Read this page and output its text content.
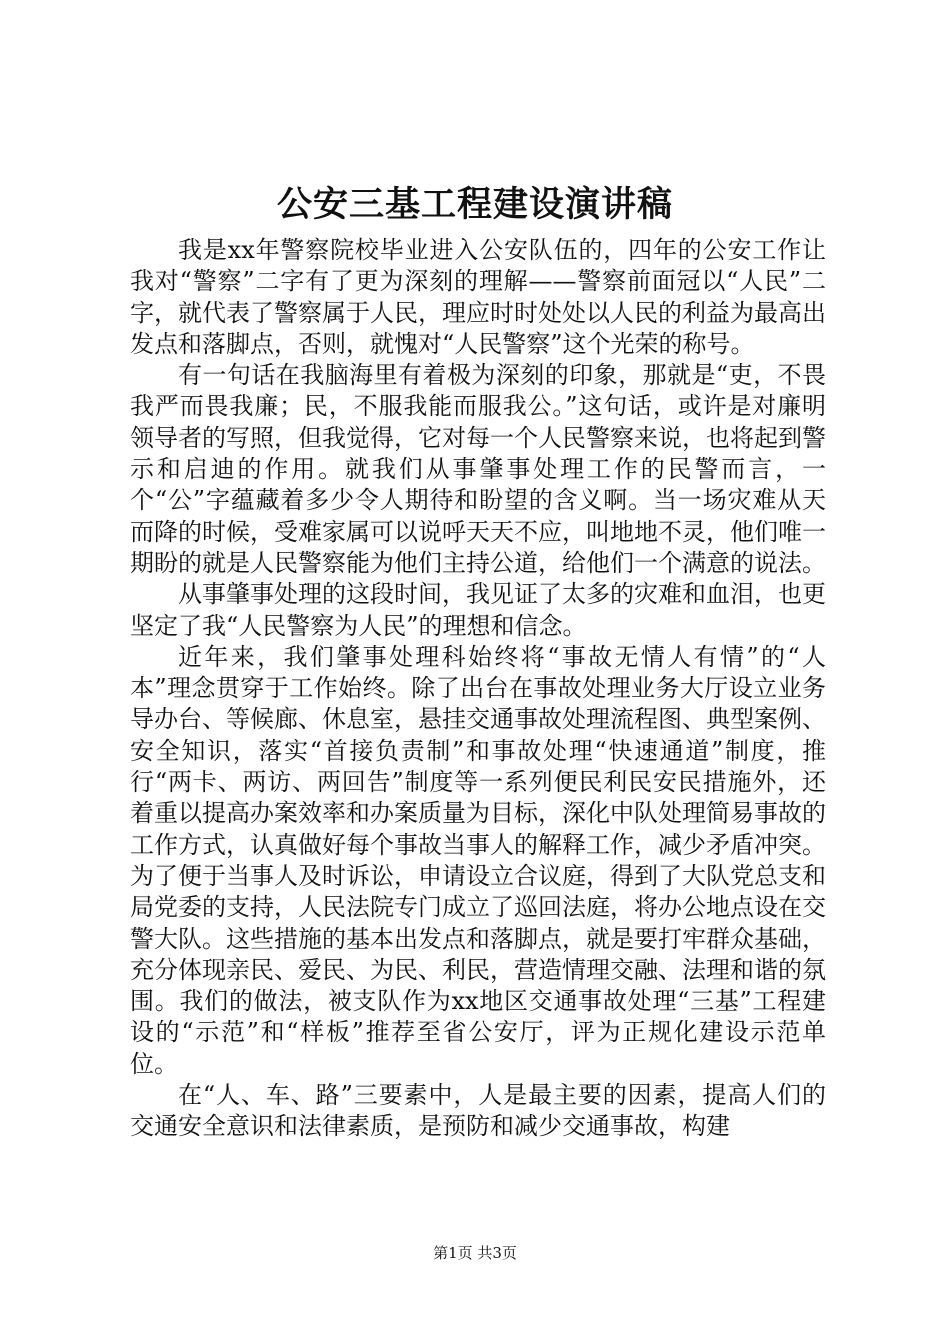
公安三基工程建设演讲稿

我是xx年警察院校毕业进入公安队伍的，四年的公安工作让我对“警察”二字有了更为深刻的理解——警察前面冠以“人民”二字，就代表了警察属于人民，理应时时处处以人民的利益为最高出发点和落脚点，否则，就愧对“人民警察”这个光荣的称号。

有一句话在我脑海里有着极为深刻的印象，那就是“吏，不畏我严而畏我廉；民，不服我能而服我公。”这句话，或许是对廉明领导者的写照，但我觉得，它对每一个人民警察来说，也将起到警示和启迪的作用。就我们从事肇事处理工作的民警而言，一个“公”字蕴藏着多少令人期待和盼望的含义啊。当一场灾难从天而降的时候，受难家属可以说呼天天不应，叫地地不灵，他们唯一期盼的就是人民警察能为他们主持公道，给他们一个满意的说法。

从事肇事处理的这段时间，我见证了太多的灾难和血泪，也更坚定了我“人民警察为人民”的理想和信念。

近年来，我们肇事处理科始终将“事故无情人有情”的“人本”理念贯穿于工作始终。除了出台在事故处理业务大厅设立业务导办台、等候廊、休息室，悬挂交通事故处理流程图、典型案例、安全知识，落实“首接负责制”和事故处理“快速通道”制度，推行“两卡、两访、两回告”制度等一系列便民利民安民措施外，还着重以提高办案效率和办案质量为目标，深化中队处理简易事故的工作方式，认真做好每个事故当事人的解释工作，减少矛盾冲突。为了便于当事人及时诉讼，申请设立合议庭，得到了大队党总支和局党委的支持，人民法院专门成立了巡回法庭，将办公地点设在交警大队。这些措施的基本出发点和落脚点，就是要打牢群众基础，充分体现亲民、爱民、为民、利民，营造情理交融、法理和谐的氛围。我们的做法，被支队作为xx地区交通事故处理“三基”工程建设的“示范”和“样板”推荐至省公安厅，评为正规化建设示范单位。

在“人、车、路”三要素中，人是最主要的因素，提高人们的交通安全意识和法律素质，是预防和减少交通事故，构建

第1页 共3页
